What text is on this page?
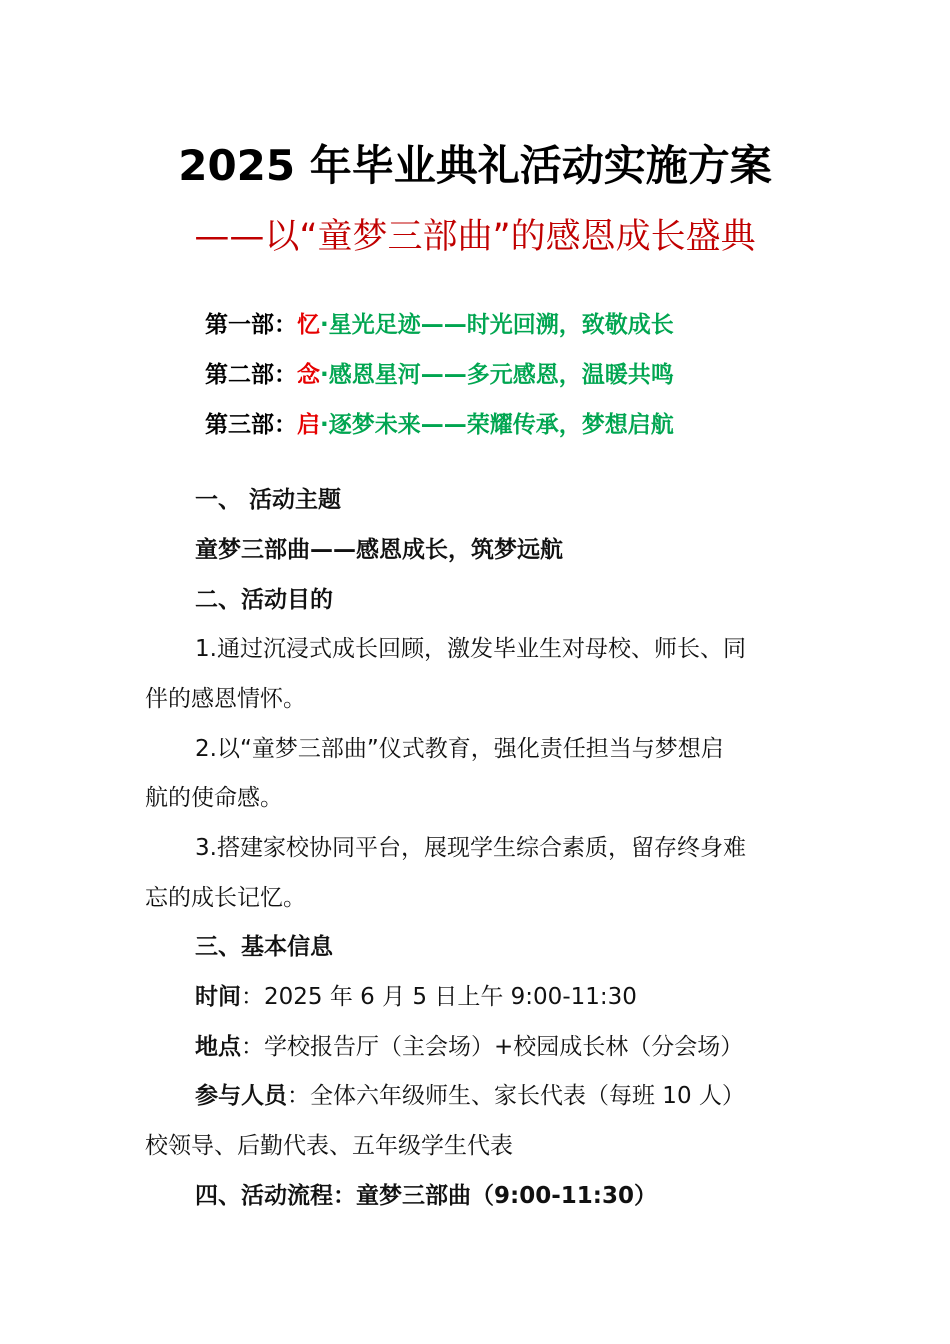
2025 年毕业典礼活动实施方案
——以“童梦三部曲”的感恩成长盛典
第一部：忆·星光足迹——时光回溯，致敬成长
第二部：念·感恩星河——多元感恩，温暖共鸣
第三部：启·逐梦未来——荣耀传承，梦想启航
一、 活动主题
童梦三部曲——感恩成长，筑梦远航
二、活动目的
1.通过沉浸式成长回顾，激发毕业生对母校、师长、同
伴的感恩情怀。
2.以“童梦三部曲”仪式教育，强化责任担当与梦想启
航的使命感。
3.搭建家校协同平台，展现学生综合素质，留存终身难
忘的成长记忆。
三、基本信息
时间：2025 年 6 月 5 日上午 9:00-11:30
地点：学校报告厅（主会场）+校园成长林（分会场）
参与人员：全体六年级师生、家长代表（每班 10 人）
校领导、后勤代表、五年级学生代表
四、活动流程：童梦三部曲（9:00-11:30）
